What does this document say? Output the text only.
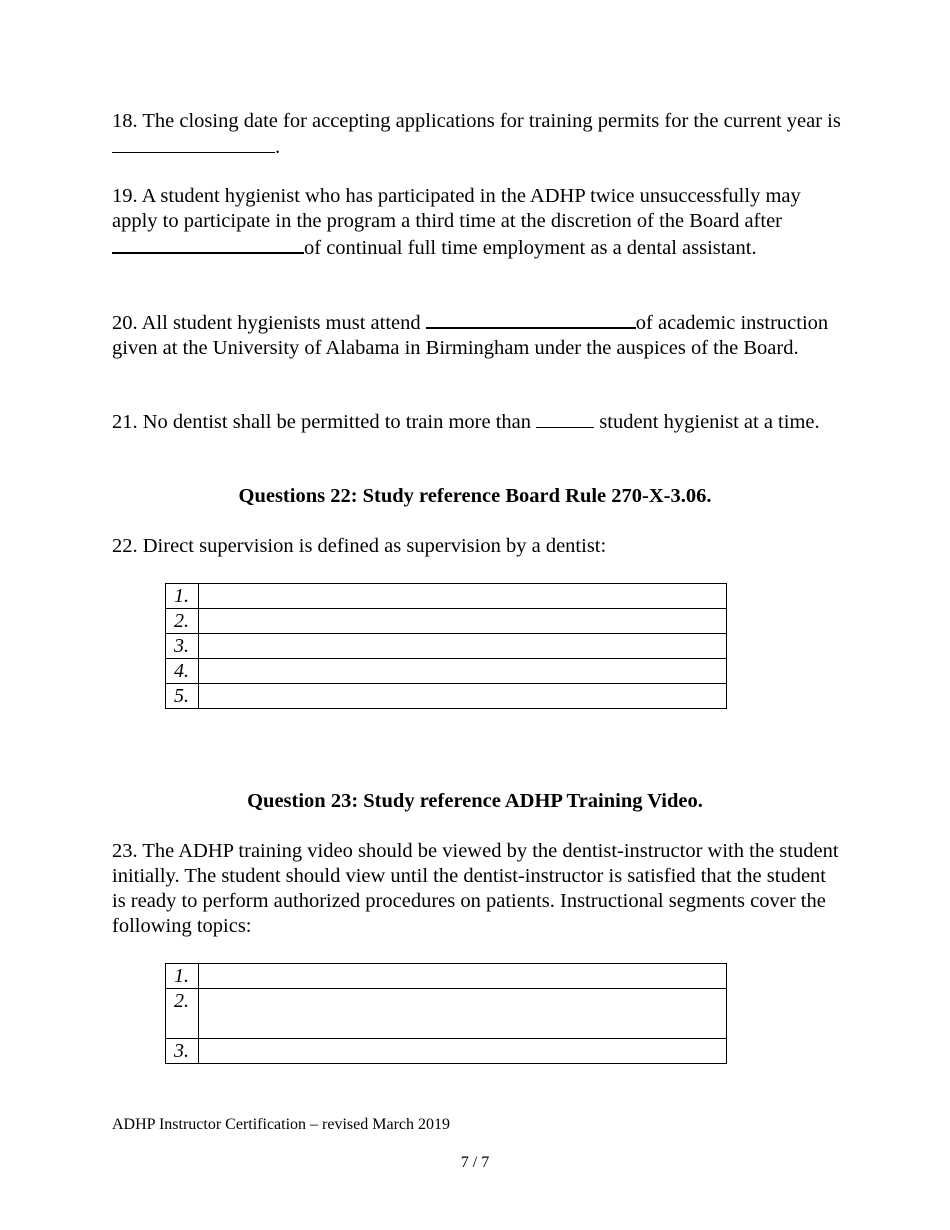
18. The closing date for accepting applications for training permits for the current year is .

19. A student hygienist who has participated in the ADHP twice unsuccessfully may apply to participate in the program a third time at the discretion of the Board after of continual full time employment as a dental assistant.

20. All student hygienists must attend	of academic instruction given at the University of Alabama in Birmingham under the auspices of the Board.

21. No dentist shall be permitted to train more than	student hygienist at a time.

Questions 22: Study reference Board Rule 270-X-3.06.

22. Direct supervision is defined as supervision by a dentist:

1.	
2.	
3.	
4.	
5.	

Question 23: Study reference ADHP Training Video.

23. The ADHP training video should be viewed by the dentist-instructor with the student initially. The student should view until the dentist-instructor is satisfied that the student is ready to perform authorized procedures on patients. Instructional segments cover the following topics:

1.	
2.	
3.	

ADHP Instructor Certification – revised March 2019

7 / 7
